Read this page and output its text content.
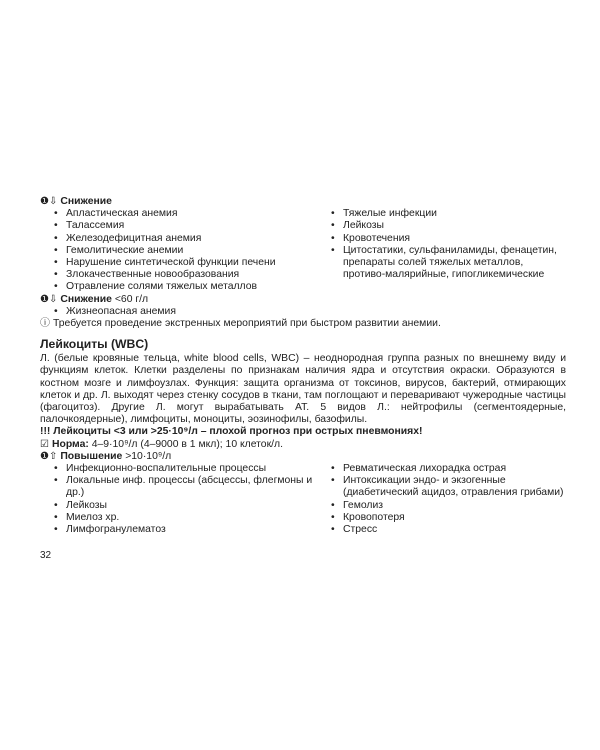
❶⇩ Снижение
• Апластическая анемия
• Талассемия
• Железодефицитная анемия
• Гемолитические анемии
• Нарушение синтетической функции печени
• Злокачественные новообразования
• Отравление солями тяжелых металлов
• Тяжелые инфекции
• Лейкозы
• Кровотечения
• Цитостатики, сульфаниламиды, фенацетин, препараты солей тяжелых металлов, противо-малярийные, гипогликемические
❶⇩ Снижение
<60 г/л
• Жизнеопасная анемия
ⓘ Требуется проведение экстренных мероприятий при быстром развитии анемии.
Лейкоциты (WBC)
Л. (белые кровяные тельца, white blood cells, WBC) – неоднородная группа разных по внешнему виду и функциям клеток. Клетки разделены по признакам наличия ядра и отсутствия окраски. Образуются в костном мозге и лимфоузлах. Функция: защита организма от токсинов, вирусов, бактерий, отмирающих клеток и др. Л. выходят через стенку сосудов в ткани, там поглощают и переваривают чужеродные частицы (фагоцитоз). Другие Л. могут вырабатывать АТ. 5 видов Л.: нейтрофилы (сегментоядерные, палочкоядерные), лимфоциты, моноциты, эозинофилы, базофилы.
!!! Лейкоциты <3 или >25·10⁹/л – плохой прогноз при острых пневмониях!
☑ Норма:
4–9·10⁹/л (4–9000 в 1 мкл); 10 клеток/л.
❶⇧ Повышение
>10·10⁹/л
• Инфекционно-воспалительные процессы
• Локальные инф. процессы (абсцессы, флегмоны и др.)
• Лейкозы
• Миелоз хр.
• Лимфогранулематоз
• Ревматическая лихорадка острая
• Интоксикации эндо- и экзогенные (диабетический ацидоз, отравления грибами)
• Гемолиз
• Кровопотеря
• Стресс
32
